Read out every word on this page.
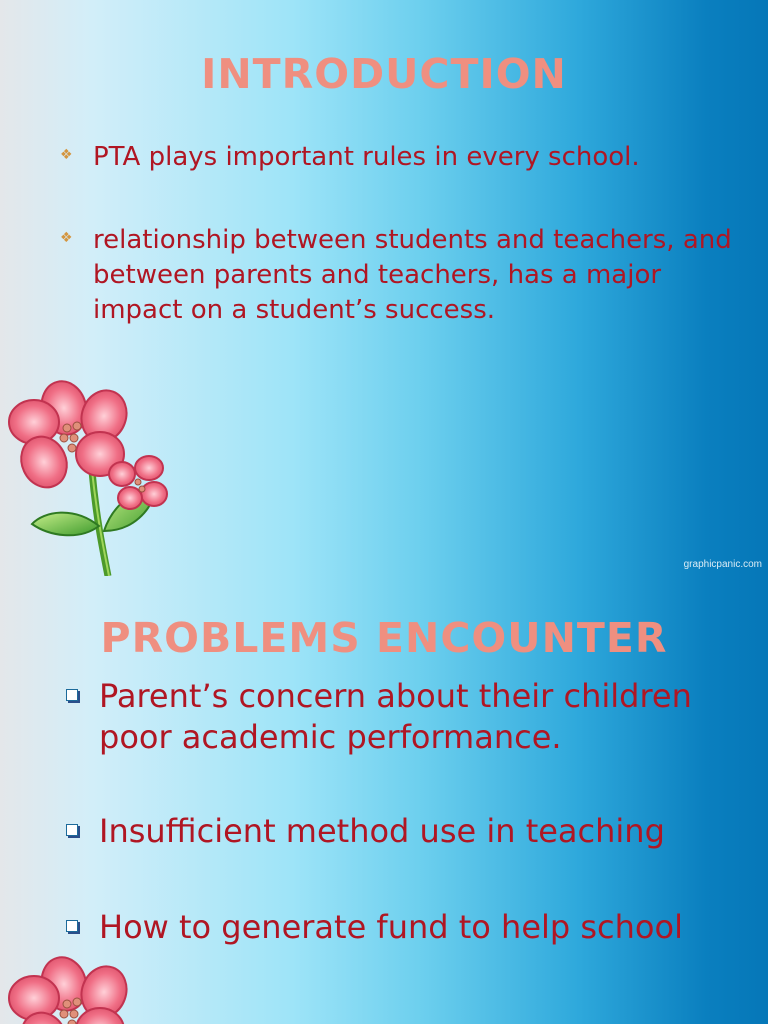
INTRODUCTION
❖ PTA plays important rules in every school.
❖ relationship between students and teachers, and between parents and teachers, has a major impact on a student’s success.
graphicpanic.com
PROBLEMS ENCOUNTER
Parent’s concern about their children poor academic performance.
Insufficient method use in teaching
How to generate fund to help school
